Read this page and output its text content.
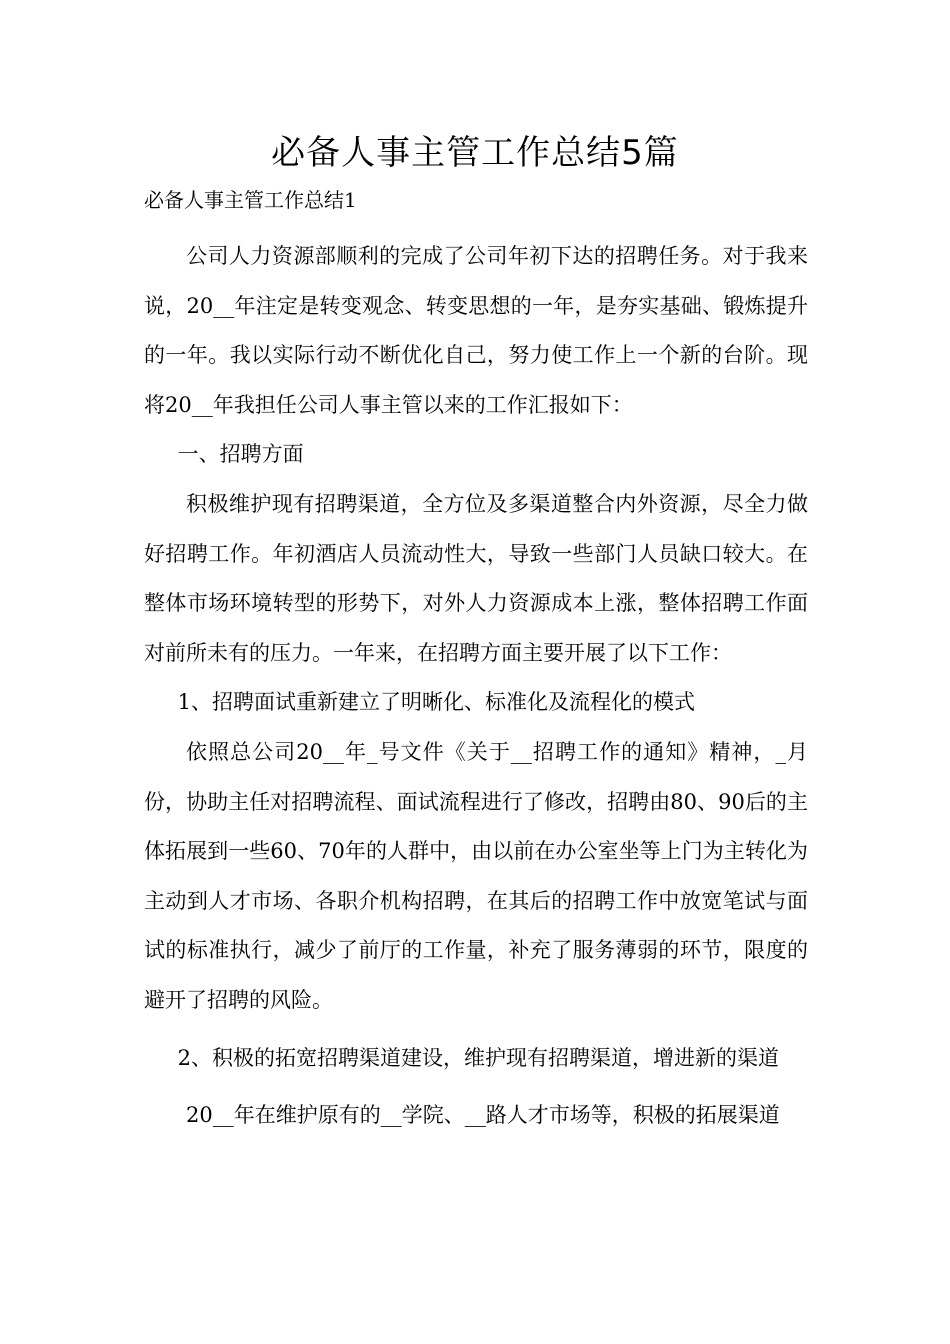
必备人事主管工作总结5篇

必备人事主管工作总结1

公司人力资源部顺利的完成了公司年初下达的招聘任务。对于我来说，20__年注定是转变观念、转变思想的一年，是夯实基础、锻炼提升的一年。我以实际行动不断优化自己，努力使工作上一个新的台阶。现将20__年我担任公司人事主管以来的工作汇报如下：

一、招聘方面

积极维护现有招聘渠道，全方位及多渠道整合内外资源，尽全力做好招聘工作。年初酒店人员流动性大，导致一些部门人员缺口较大。在整体市场环境转型的形势下，对外人力资源成本上涨，整体招聘工作面对前所未有的压力。一年来，在招聘方面主要开展了以下工作：

1、招聘面试重新建立了明晰化、标准化及流程化的模式

依照总公司20__年_号文件《关于__招聘工作的通知》精神，_月份，协助主任对招聘流程、面试流程进行了修改，招聘由80、90后的主体拓展到一些60、70年的人群中，由以前在办公室坐等上门为主转化为主动到人才市场、各职介机构招聘，在其后的招聘工作中放宽笔试与面试的标准执行，减少了前厅的工作量，补充了服务薄弱的环节，限度的避开了招聘的风险。

2、积极的拓宽招聘渠道建设，维护现有招聘渠道，增进新的渠道

20__年在维护原有的__学院、__路人才市场等，积极的拓展渠道
